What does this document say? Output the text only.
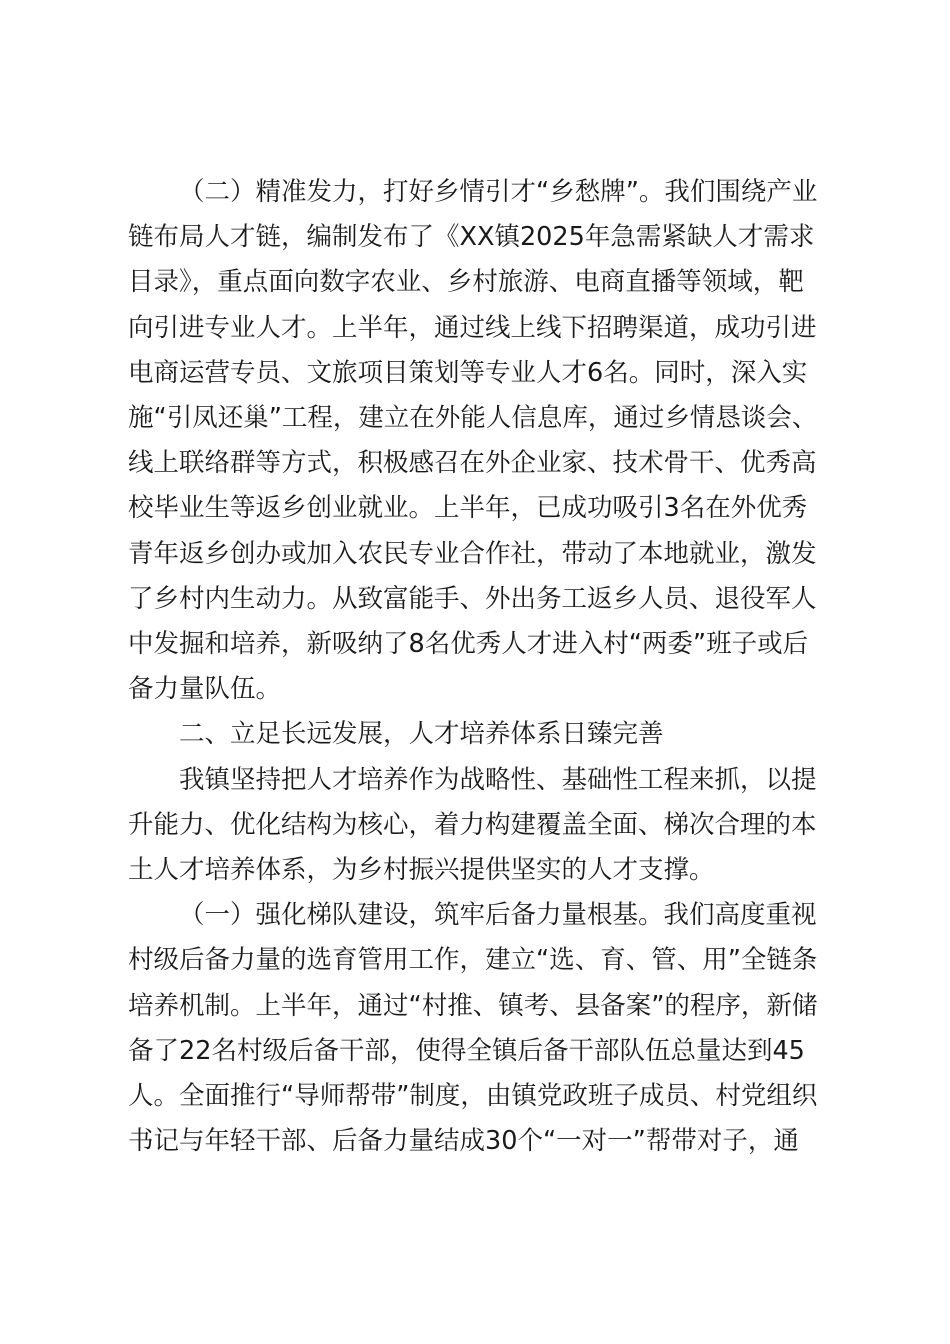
（二）精准发力，打好乡情引才“乡愁牌”。我们围绕产业

链布局人才链，编制发布了《XX镇2025年急需紧缺人才需求
目录》，重点面向数字农业、乡村旅游、电商直播等领域，靶
向引进专业人才。上半年，通过线上线下招聘渠道，成功引进
电商运营专员、文旅项目策划等专业人才6名。同时，深入实
施“引凤还巢”工程，建立在外能人信息库，通过乡情恳谈会、
线上联络群等方式，积极感召在外企业家、技术骨干、优秀高
校毕业生等返乡创业就业。上半年，已成功吸引3名在外优秀
青年返乡创办或加入农民专业合作社，带动了本地就业，激发
了乡村内生动力。从致富能手、外出务工返乡人员、退役军人
中发掘和培养，新吸纳了8名优秀人才进入村“两委”班子或后
备力量队伍。

二、立足长远发展，人才培养体系日臻完善

我镇坚持把人才培养作为战略性、基础性工程来抓，以提

升能力、优化结构为核心，着力构建覆盖全面、梯次合理的本
土人才培养体系，为乡村振兴提供坚实的人才支撑。

（一）强化梯队建设，筑牢后备力量根基。我们高度重视

村级后备力量的选育管用工作，建立“选、育、管、用”全链条
培养机制。上半年，通过“村推、镇考、县备案”的程序，新储
备了22名村级后备干部，使得全镇后备干部队伍总量达到45
人。全面推行“导师帮带”制度，由镇党政班子成员、村党组织
书记与年轻干部、后备力量结成30个“一对一”帮带对子，通
